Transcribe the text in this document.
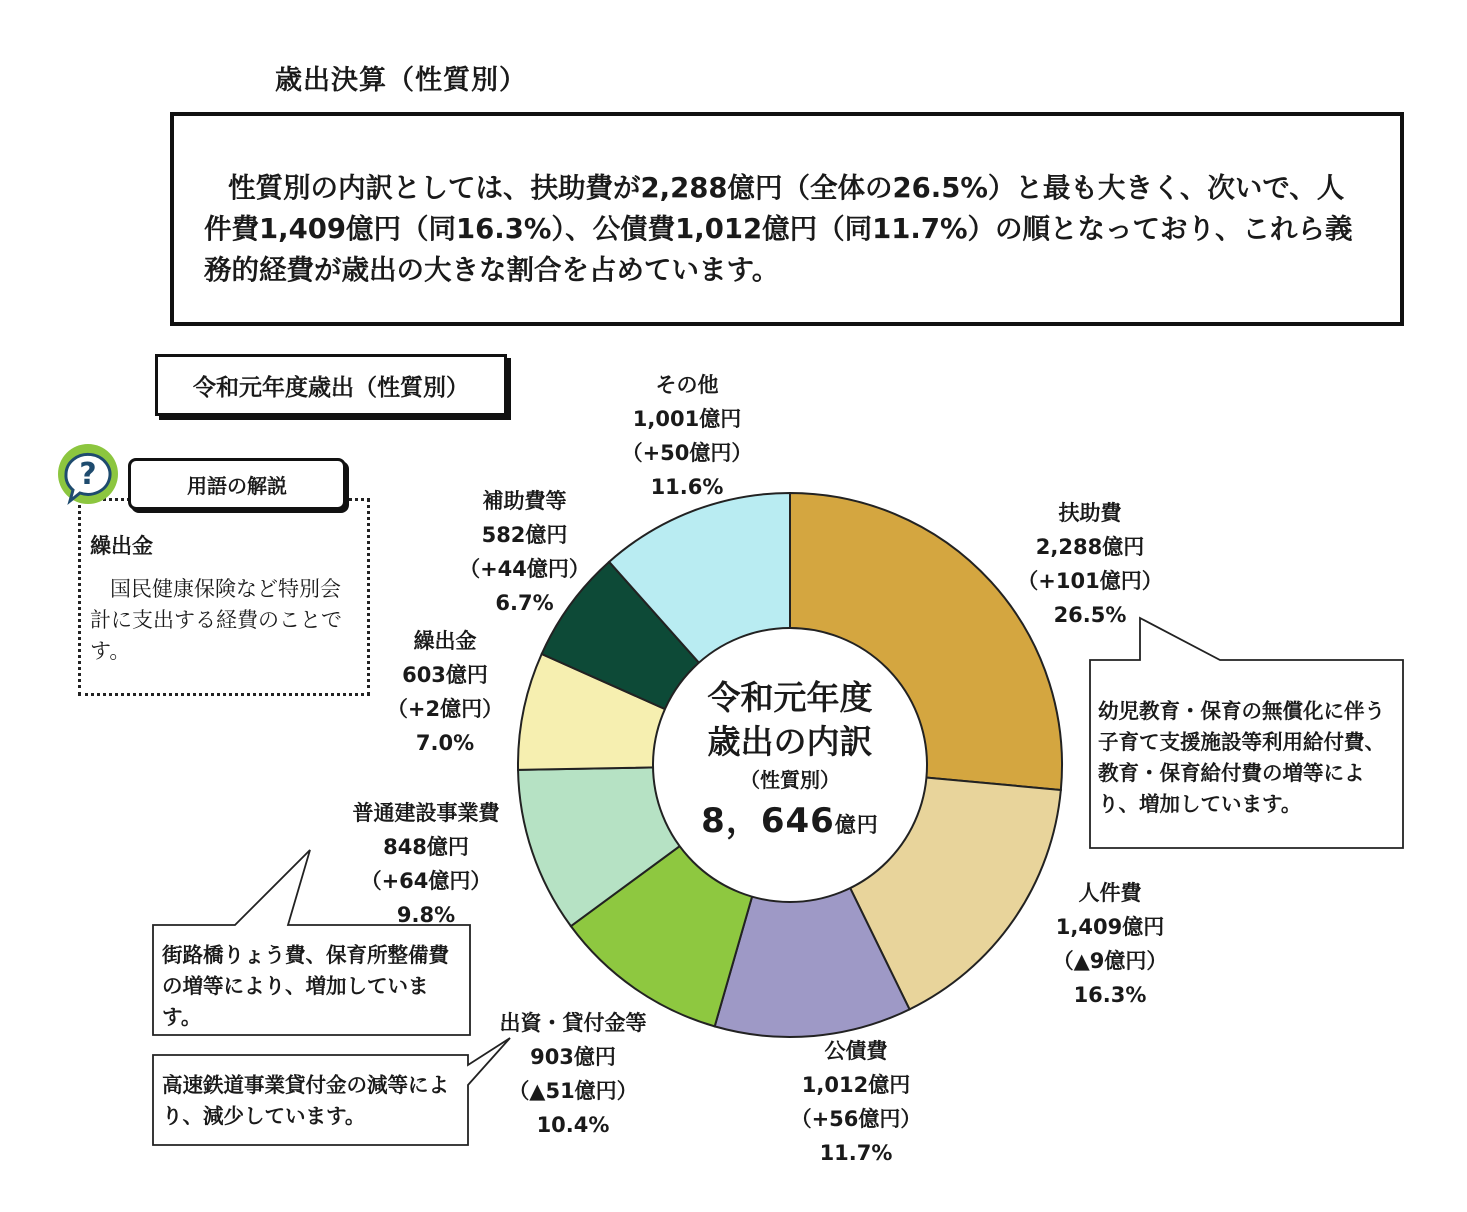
歳出決算（性質別）
性質別の内訳としては、扶助費が2,288億円（全体の26.5%）と最も大きく、次いで、人件費1,409億円（同16.3%）、公債費1,012億円（同11.7%）の順となっており、これら義務的経費が歳出の大きな割合を占めています。
令和元年度歳出（性質別）
繰出金
国民健康保険など特別会計に支出する経費のことです。
用語の解説
?
令和元年度
歳出の内訳
（性質別）
8，646億円
扶助費
2,288億円
（+101億円）
26.5%
人件費
1,409億円
（▲9億円）
16.3%
公債費
1,012億円
（+56億円）
11.7%
出資・貸付金等
903億円
（▲51億円）
10.4%
普通建設事業費
848億円
（+64億円）
9.8%
繰出金
603億円
（+2億円）
7.0%
補助費等
582億円
（+44億円）
6.7%
その他
1,001億円
（+50億円）
11.6%
幼児教育・保育の無償化に伴う子育て支援施設等利用給付費、教育・保育給付費の増等により、増加しています。
街路橋りょう費、保育所整備費の増等により、増加しています。
高速鉄道事業貸付金の減等により、減少しています。
